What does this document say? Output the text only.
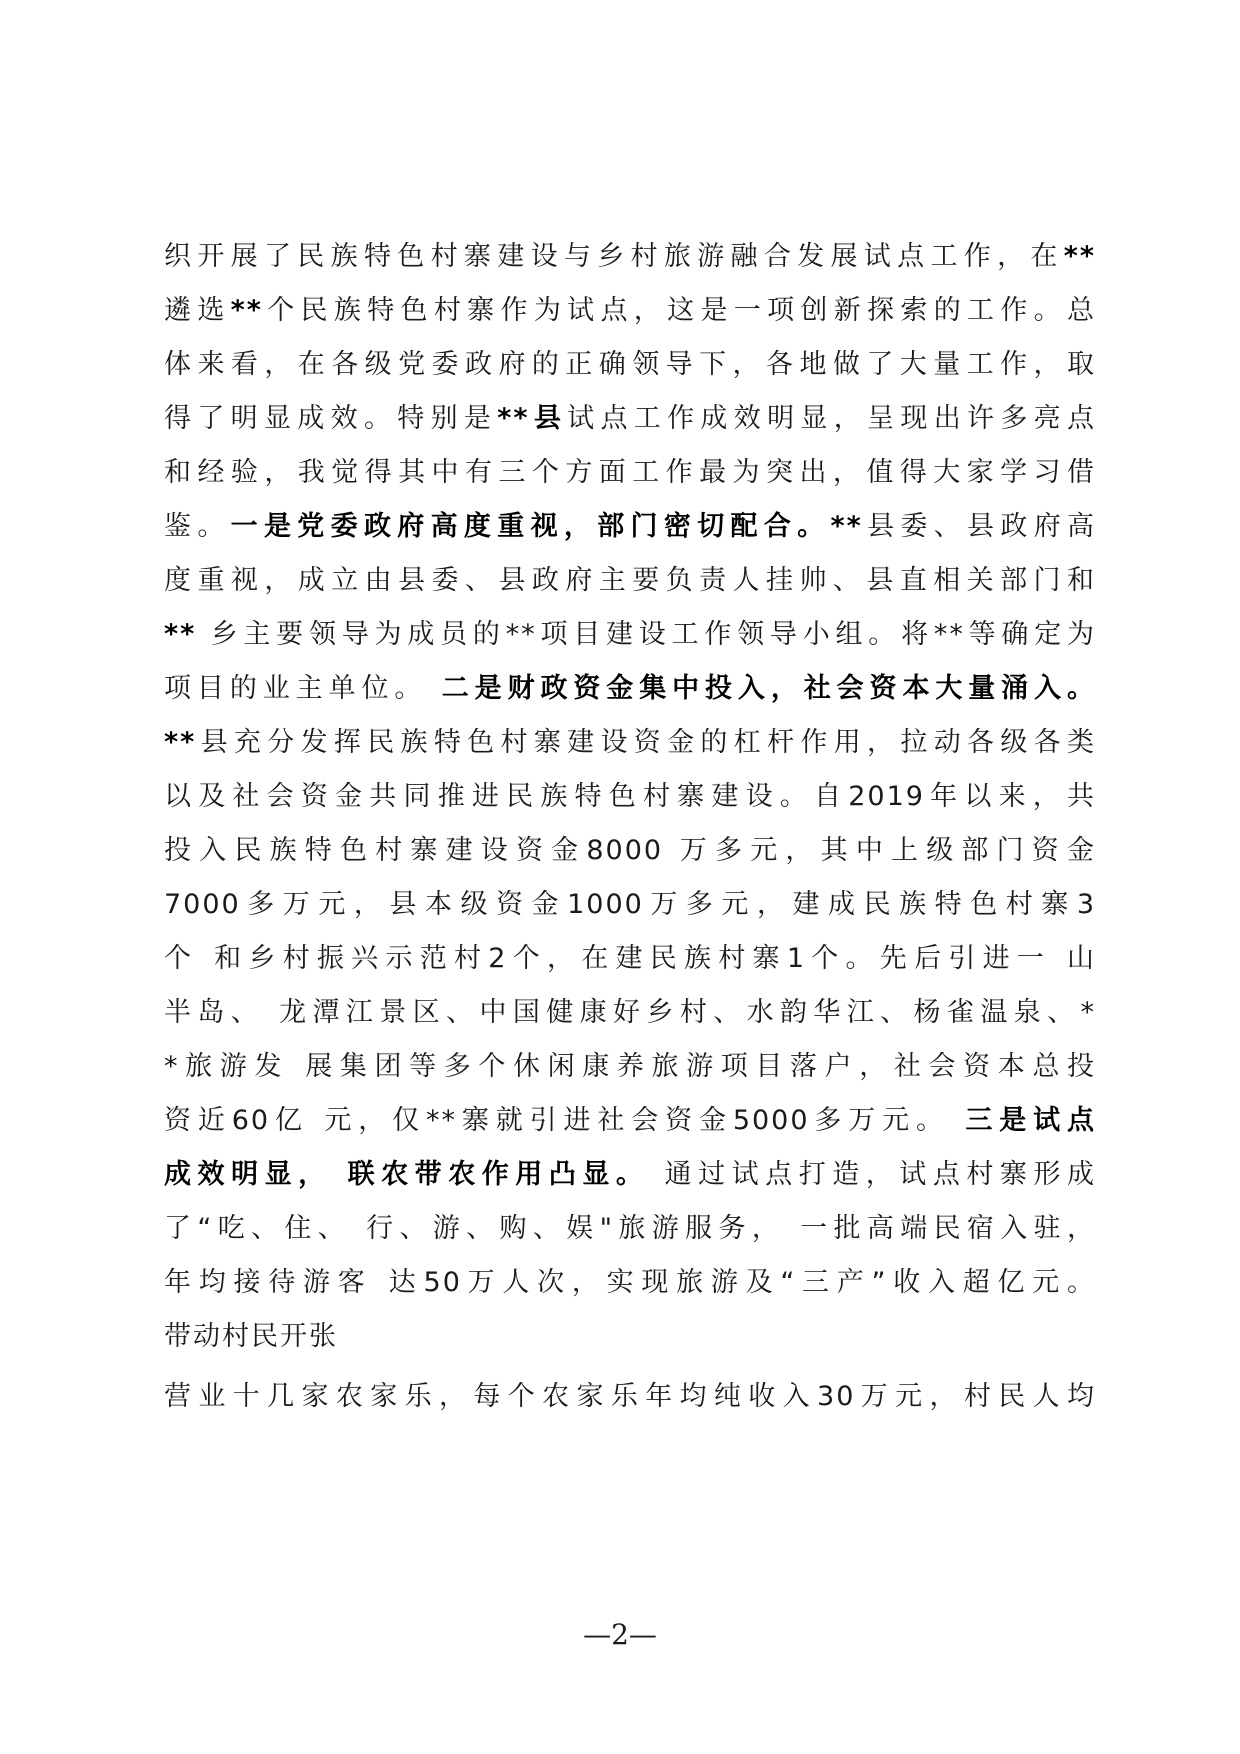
织开展了民族特色村寨建设与乡村旅游融合发展试点工作，在**
遴选**个民族特色村寨作为试点，这是一项创新探索的工作。总
体来看，在各级党委政府的正确领导下，各地做了大量工作，取
得了明显成效。特别是**县试点工作成效明显，呈现出许多亮点
和经验，我觉得其中有三个方面工作最为突出，值得大家学习借
鉴。一是党委政府高度重视，部门密切配合。**县委、县政府高
度重视，成立由县委、县政府主要负责人挂帅、县直相关部门和
** 乡主要领导为成员的**项目建设工作领导小组。将**等确定为
项目的业主单位。 二是财政资金集中投入，社会资本大量涌入。
**县充分发挥民族特色村寨建设资金的杠杆作用，拉动各级各类
以及社会资金共同推进民族特色村寨建设。自2019年以来，共
投入民族特色村寨建设资金8000 万多元，其中上级部门资金
7000多万元，县本级资金1000万多元，建成民族特色村寨3
个 和乡村振兴示范村2个，在建民族村寨1个。先后引进一 山
半岛、 龙潭江景区、中国健康好乡村、水韵华江、杨雀温泉、*
*旅游发 展集团等多个休闲康养旅游项目落户，社会资本总投
资近60亿 元，仅**寨就引进社会资金5000多万元。 三是试点
成效明显， 联农带农作用凸显。 通过试点打造，试点村寨形成
了“吃、住、 行、游、购、娱"旅游服务， 一批高端民宿入驻，
年均接待游客 达50万人次，实现旅游及“三产”收入超亿元。
带动村民开张
营业十几家农家乐，每个农家乐年均纯收入30万元，村民人均
—2—
